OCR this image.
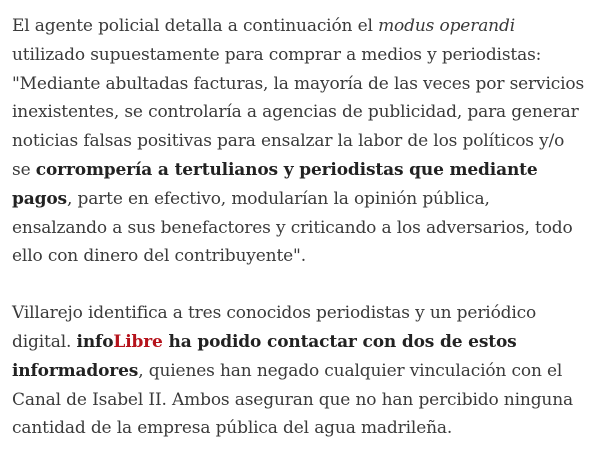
El agente policial detalla a continuación el modus operandi utilizado supuestamente para comprar a medios y periodistas: "Mediante abultadas facturas, la mayoría de las veces por servicios inexistentes, se controlaría a agencias de publicidad, para generar noticias falsas positivas para ensalzar la labor de los políticos y/o se corrompería a tertulianos y periodistas que mediante pagos, parte en efectivo, modularían la opinión pública, ensalzando a sus benefactores y criticando a los adversarios, todo ello con dinero del contribuyente".

Villarejo identifica a tres conocidos periodistas y un periódico digital. infoLibre ha podido contactar con dos de estos informadores, quienes han negado cualquier vinculación con el Canal de Isabel II. Ambos aseguran que no han percibido ninguna cantidad de la empresa pública del agua madrileña.
